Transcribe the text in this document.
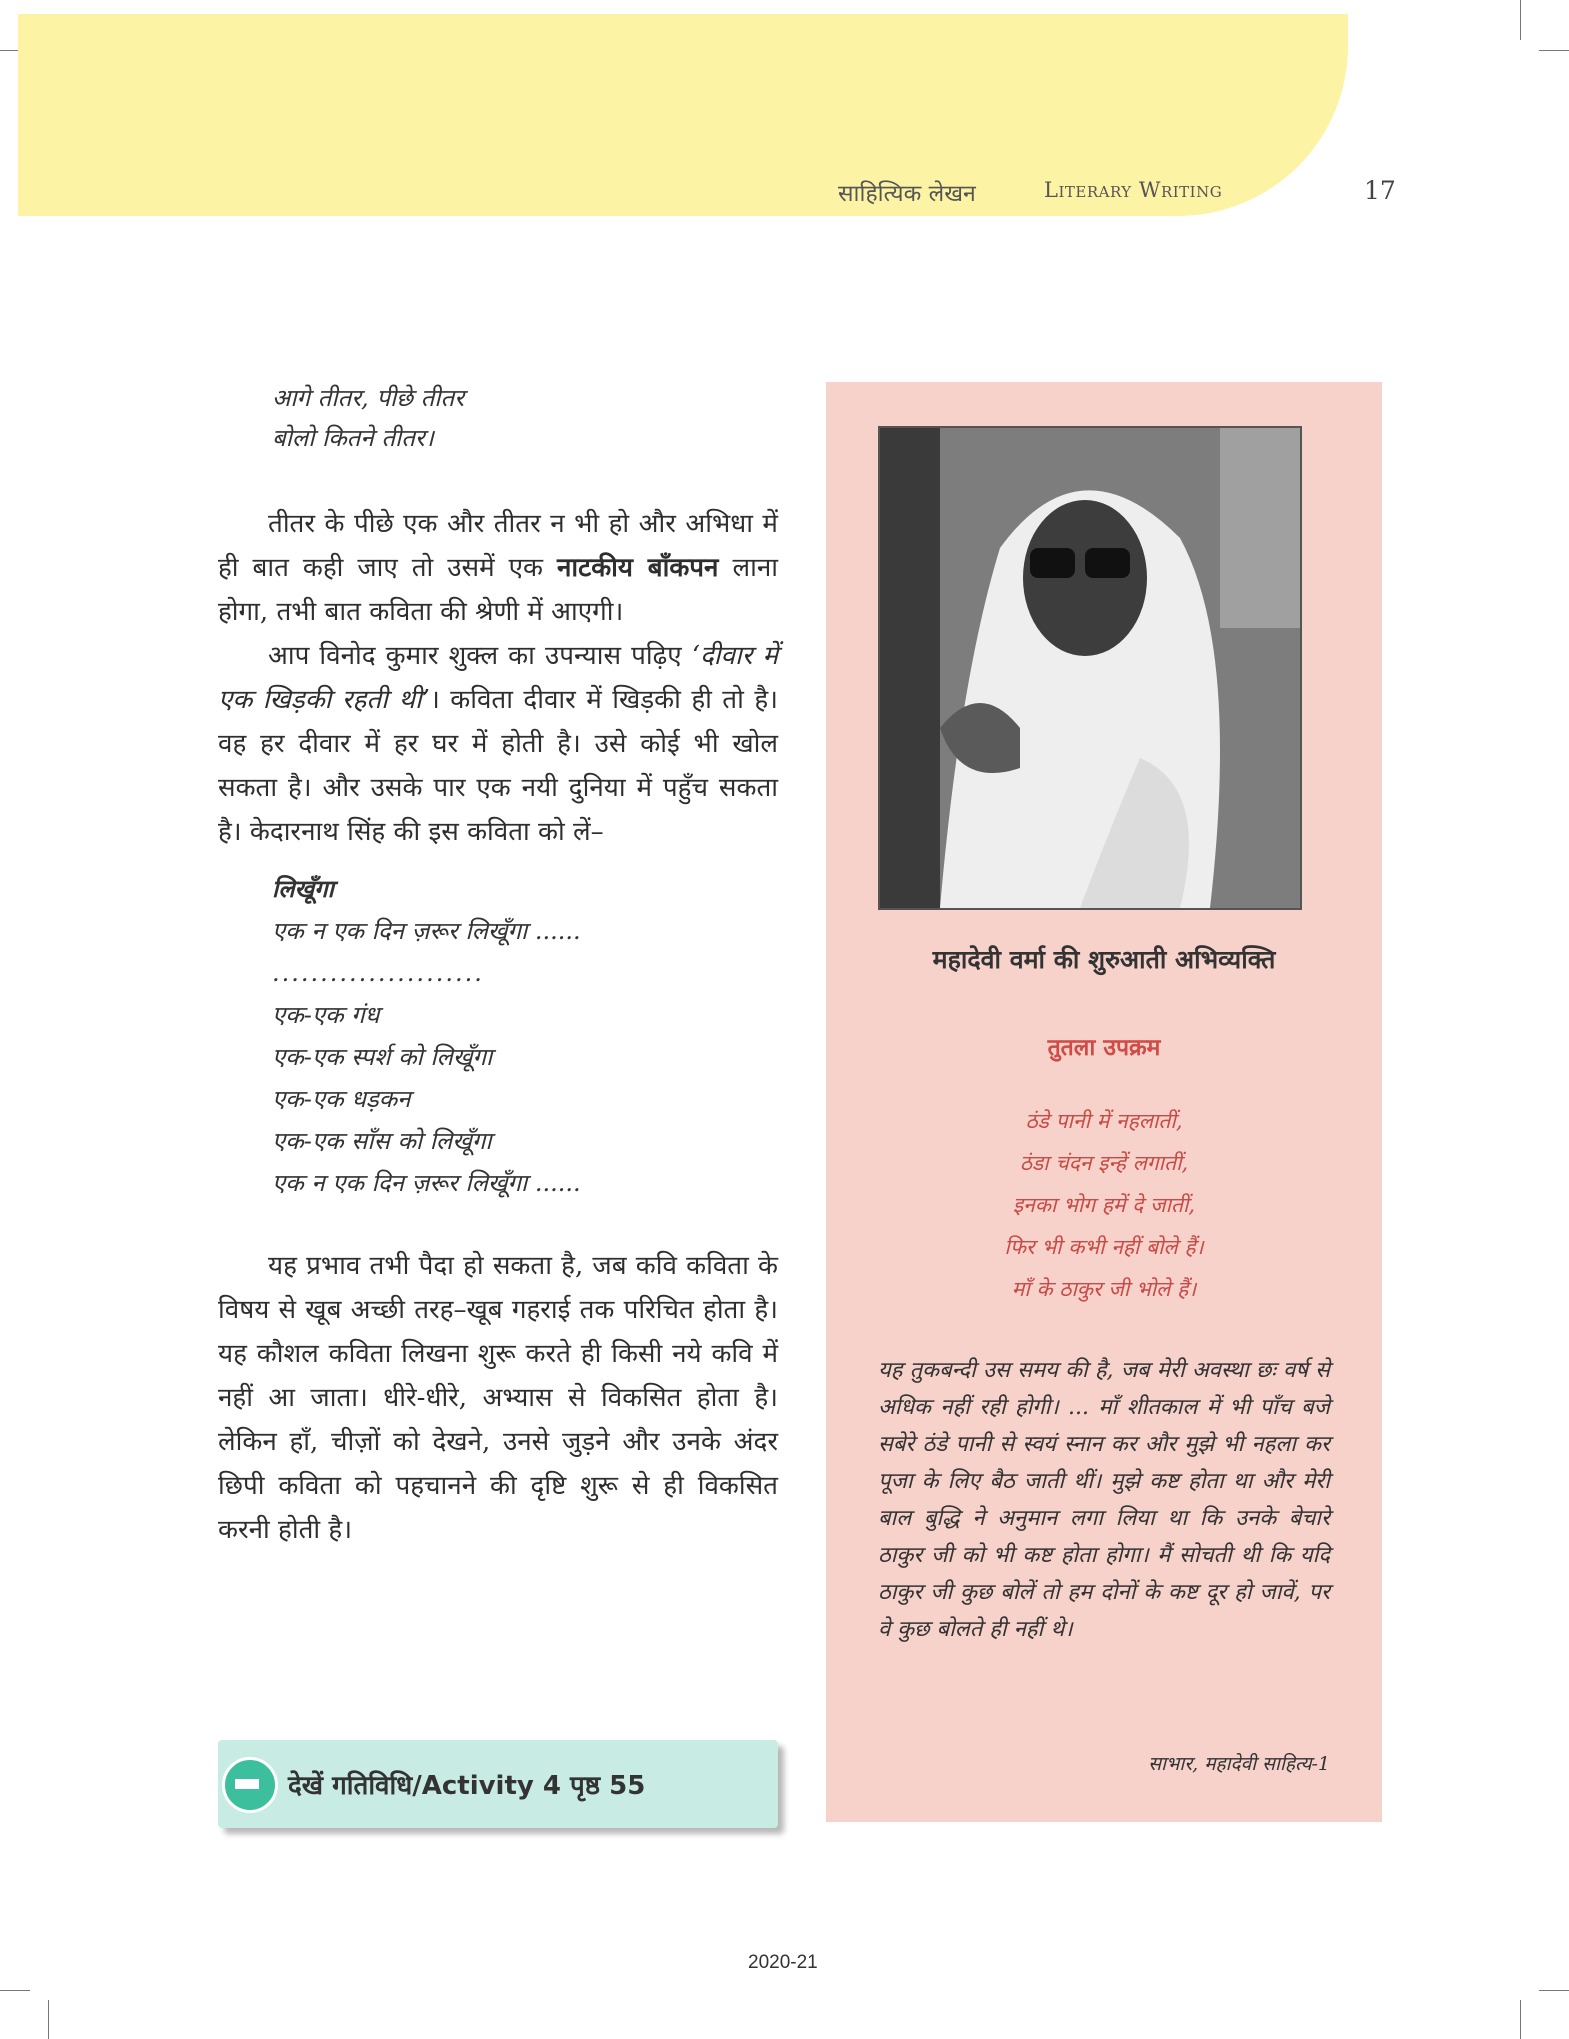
साहित्यिक लेखन	Literary Writing	17
आगे तीतर, पीछे तीतर
बोलो कितने तीतर।

तीतर के पीछे एक और तीतर न भी हो और अभिधा में ही बात कही जाए तो उसमें एक नाटकीय बाँकपन लाना होगा, तभी बात कविता की श्रेणी में आएगी।

आप विनोद कुमार शुक्ल का उपन्यास पढ़िए ‘दीवार में एक खिड़की रहती थी’। कविता दीवार में खिड़की ही तो है। वह हर दीवार में हर घर में होती है। उसे कोई भी खोल सकता है। और उसके पार एक नयी दुनिया में पहुँच सकता है। केदारनाथ सिंह की इस कविता को लें–

लिखूँगा
एक न एक दिन ज़रूर लिखूँगा ......
......................
एक-एक गंध
एक-एक स्पर्श को लिखूँगा
एक-एक धड़कन
एक-एक साँस को लिखूँगा
एक न एक दिन ज़रूर लिखूँगा ......

यह प्रभाव तभी पैदा हो सकता है, जब कवि कविता के विषय से खूब अच्छी तरह–खूब गहराई तक परिचित होता है। यह कौशल कविता लिखना शुरू करते ही किसी नये कवि में नहीं आ जाता। धीरे-धीरे, अभ्यास से विकसित होता है। लेकिन हाँ, चीज़ों को देखने, उनसे जुड़ने और उनके अंदर छिपी कविता को पहचानने की दृष्टि शुरू से ही विकसित करनी होती है।

देखें गतिविधि/Activity 4 पृष्ठ 55
महादेवी वर्मा की शुरुआती अभिव्यक्ति
तुतला उपक्रम
ठंडे पानी में नहलातीं,
ठंडा चंदन इन्हें लगातीं,
इनका भोग हमें दे जातीं,
फिर भी कभी नहीं बोले हैं।
माँ के ठाकुर जी भोले हैं।
यह तुकबन्दी उस समय की है, जब मेरी अवस्था छः वर्ष से अधिक नहीं रही होगी। ... माँ शीतकाल में भी पाँच बजे सबेरे ठंडे पानी से स्वयं स्नान कर और मुझे भी नहला कर पूजा के लिए बैठ जाती थीं। मुझे कष्ट होता था और मेरी बाल बुद्धि ने अनुमान लगा लिया था कि उनके बेचारे ठाकुर जी को भी कष्ट होता होगा। मैं सोचती थी कि यदि ठाकुर जी कुछ बोलें तो हम दोनों के कष्ट दूर हो जावें, पर वे कुछ बोलते ही नहीं थे।
साभार, महादेवी साहित्य-1
2020-21
